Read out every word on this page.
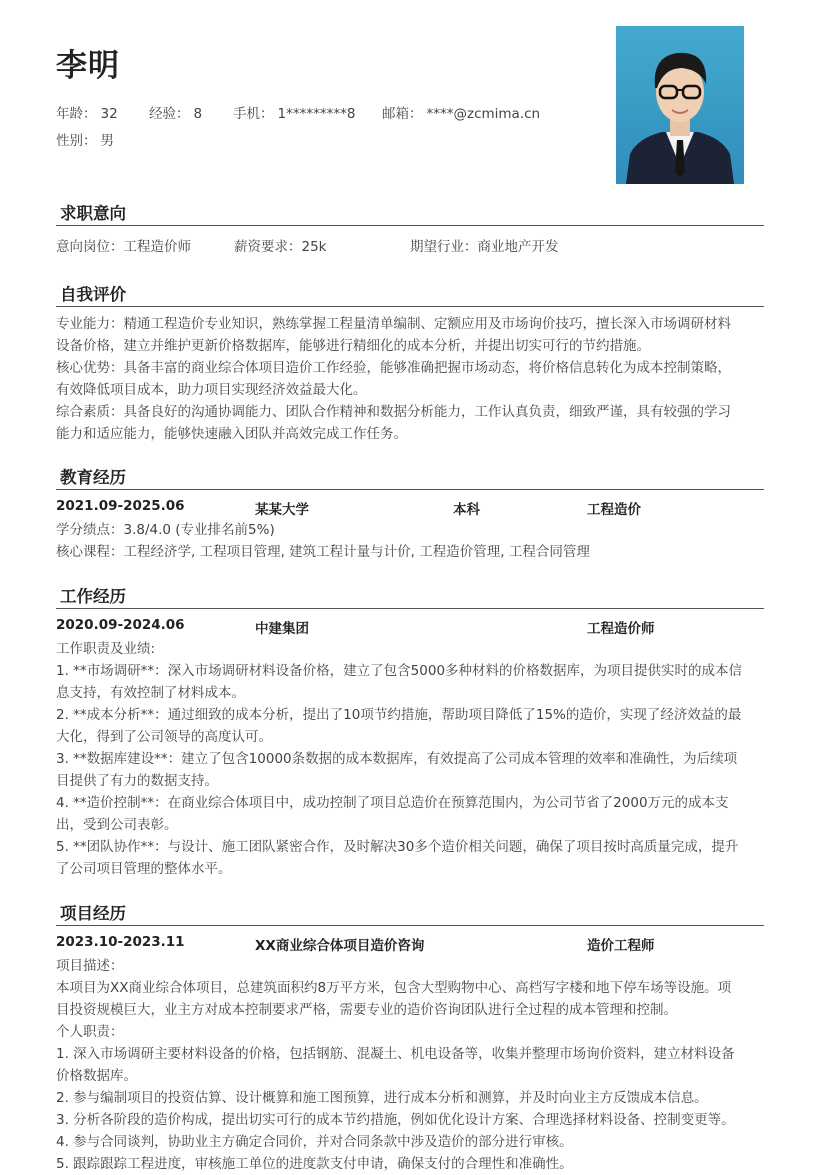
李明
年龄： 32 经验： 8 手机： 1*********8 邮箱： ****@zcmima.cn
性别： 男
求职意向
意向岗位：工程造价师	薪资要求：25k	期望行业：商业地产开发
自我评价
专业能力：精通工程造价专业知识，熟练掌握工程量清单编制、定额应用及市场询价技巧，擅长深入市场调研材料
设备价格，建立并维护更新价格数据库，能够进行精细化的成本分析，并提出切实可行的节约措施。
核心优势：具备丰富的商业综合体项目造价工作经验，能够准确把握市场动态，将价格信息转化为成本控制策略，
有效降低项目成本，助力项目实现经济效益最大化。
综合素质：具备良好的沟通协调能力、团队合作精神和数据分析能力，工作认真负责，细致严谨，具有较强的学习
能力和适应能力，能够快速融入团队并高效完成工作任务。
教育经历
2021.09-2025.06	某某大学	本科	工程造价
学分绩点：3.8/4.0 (专业排名前5%)
核心课程：工程经济学, 工程项目管理, 建筑工程计量与计价, 工程造价管理, 工程合同管理
工作经历
2020.09-2024.06	中建集团	工程造价师
工作职责及业绩:
1. **市场调研**：深入市场调研材料设备价格，建立了包含5000多种材料的价格数据库，为项目提供实时的成本信
息支持，有效控制了材料成本。
2. **成本分析**：通过细致的成本分析，提出了10项节约措施，帮助项目降低了15%的造价，实现了经济效益的最
大化，得到了公司领导的高度认可。
3. **数据库建设**：建立了包含10000条数据的成本数据库，有效提高了公司成本管理的效率和准确性，为后续项
目提供了有力的数据支持。
4. **造价控制**：在商业综合体项目中，成功控制了项目总造价在预算范围内，为公司节省了2000万元的成本支
出，受到公司表彰。
5. **团队协作**：与设计、施工团队紧密合作，及时解决30多个造价相关问题，确保了项目按时高质量完成，提升
了公司项目管理的整体水平。
项目经历
2023.10-2023.11	XX商业综合体项目造价咨询	造价工程师
项目描述：
本项目为XX商业综合体项目，总建筑面积约8万平方米，包含大型购物中心、高档写字楼和地下停车场等设施。项
目投资规模巨大，业主方对成本控制要求严格，需要专业的造价咨询团队进行全过程的成本管理和控制。
个人职责：
1. 深入市场调研主要材料设备的价格，包括钢筋、混凝土、机电设备等，收集并整理市场询价资料，建立材料设备
价格数据库。
2. 参与编制项目的投资估算、设计概算和施工图预算，进行成本分析和测算，并及时向业主方反馈成本信息。
3. 分析各阶段的造价构成，提出切实可行的成本节约措施，例如优化设计方案、合理选择材料设备、控制变更等。
4. 参与合同谈判，协助业主方确定合同价，并对合同条款中涉及造价的部分进行审核。
5. 跟踪跟踪工程进度，审核施工单位的进度款支付申请，确保支付的合理性和准确性。
